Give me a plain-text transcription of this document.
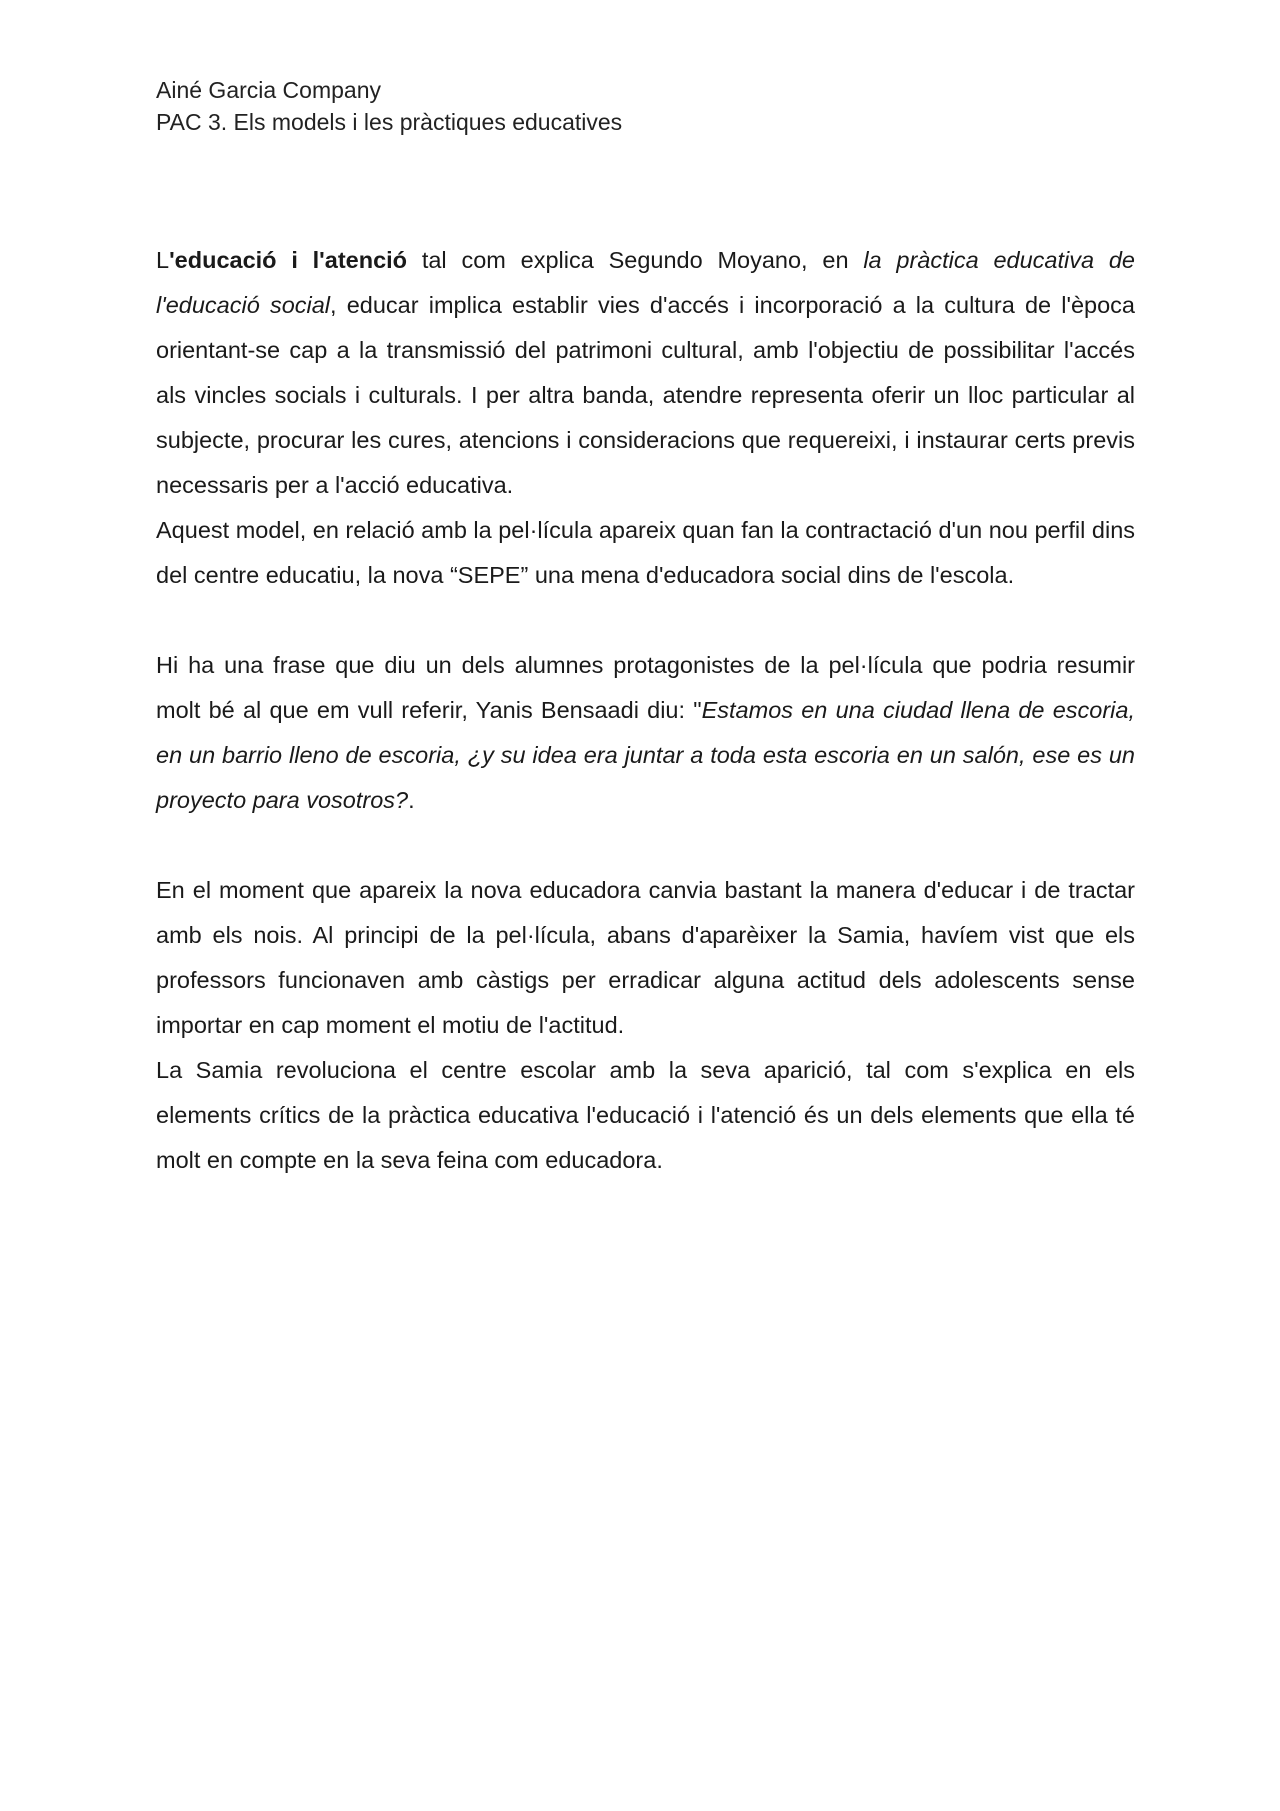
Ainé Garcia Company
PAC 3. Els models i les pràctiques educatives

L'educació i l'atenció tal com explica Segundo Moyano, en la pràctica educativa de l'educació social, educar implica establir vies d'accés i incorporació a la cultura de l'època orientant-se cap a la transmissió del patrimoni cultural, amb l'objectiu de possibilitar l'accés als vincles socials i culturals. I per altra banda, atendre representa oferir un lloc particular al subjecte, procurar les cures, atencions i consideracions que requereixi, i instaurar certs previs necessaris per a l'acció educativa.

Aquest model, en relació amb la pel·lícula apareix quan fan la contractació d'un nou perfil dins del centre educatiu, la nova “SEPE” una mena d'educadora social dins de l'escola.

Hi ha una frase que diu un dels alumnes protagonistes de la pel·lícula que podria resumir molt bé al que em vull referir, Yanis Bensaadi diu: "Estamos en una ciudad llena de escoria, en un barrio lleno de escoria, ¿y su idea era juntar a toda esta escoria en un salón, ese es un proyecto para vosotros?.

En el moment que apareix la nova educadora canvia bastant la manera d'educar i de tractar amb els nois. Al principi de la pel·lícula, abans d'aparèixer la Samia, havíem vist que els professors funcionaven amb càstigs per erradicar alguna actitud dels adolescents sense importar en cap moment el motiu de l'actitud.

La Samia revoluciona el centre escolar amb la seva aparició, tal com s'explica en els elements crítics de la pràctica educativa l'educació i l'atenció és un dels elements que ella té molt en compte en la seva feina com educadora.
